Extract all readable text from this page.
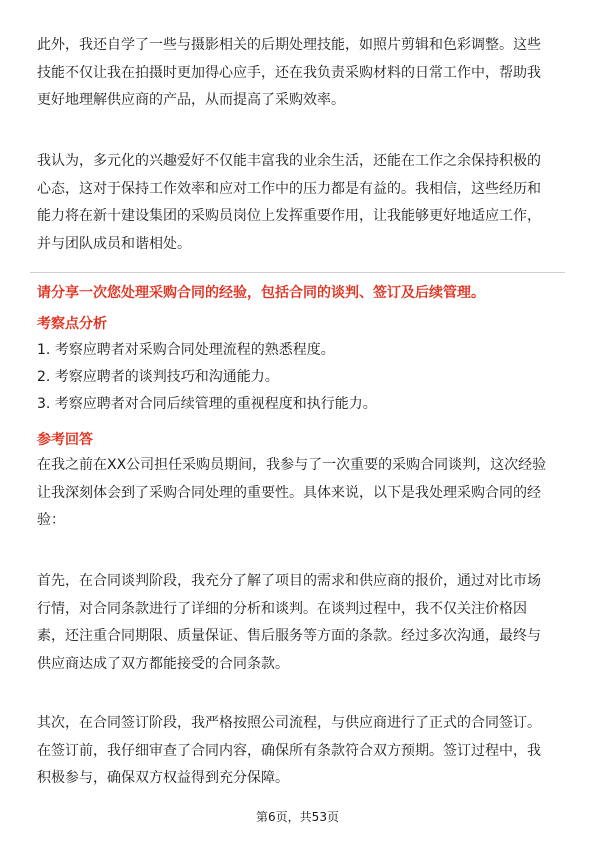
此外，我还自学了一些与摄影相关的后期处理技能，如照片剪辑和色彩调整。这些
技能不仅让我在拍摄时更加得心应手，还在我负责采购材料的日常工作中，帮助我
更好地理解供应商的产品，从而提高了采购效率。
我认为，多元化的兴趣爱好不仅能丰富我的业余生活，还能在工作之余保持积极的
心态，这对于保持工作效率和应对工作中的压力都是有益的。我相信，这些经历和
能力将在新十建设集团的采购员岗位上发挥重要作用，让我能够更好地适应工作，
并与团队成员和谐相处。
请分享一次您处理采购合同的经验，包括合同的谈判、签订及后续管理。
考察点分析
1. 考察应聘者对采购合同处理流程的熟悉程度。
2. 考察应聘者的谈判技巧和沟通能力。
3. 考察应聘者对合同后续管理的重视程度和执行能力。
参考回答
在我之前在XX公司担任采购员期间，我参与了一次重要的采购合同谈判，这次经验
让我深刻体会到了采购合同处理的重要性。具体来说，以下是我处理采购合同的经
验：
首先，在合同谈判阶段，我充分了解了项目的需求和供应商的报价，通过对比市场
行情，对合同条款进行了详细的分析和谈判。在谈判过程中，我不仅关注价格因
素，还注重合同期限、质量保证、售后服务等方面的条款。经过多次沟通，最终与
供应商达成了双方都能接受的合同条款。
其次，在合同签订阶段，我严格按照公司流程，与供应商进行了正式的合同签订。
在签订前，我仔细审查了合同内容，确保所有条款符合双方预期。签订过程中，我
积极参与，确保双方权益得到充分保障。
第6页，共53页
